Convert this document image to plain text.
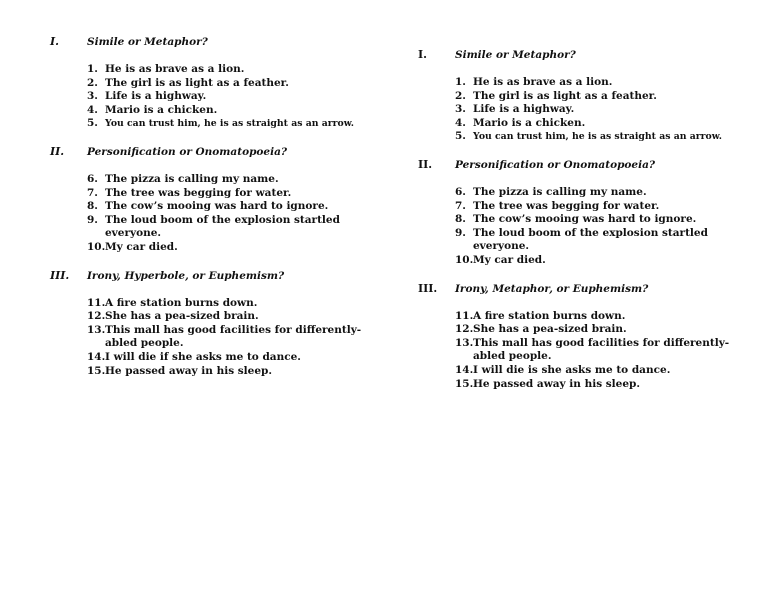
I.	Simile or Metaphor?
1. He is as brave as a lion.
2. The girl is as light as a feather.
3. Life is a highway.
4. Mario is a chicken.
5. You can trust him, he is as straight as an arrow.
II. Personification or Onomatopoeia?
6. The pizza is calling my name.
7. The tree was begging for water.
8. The cow’s mooing was hard to ignore.
9. The loud boom of the explosion startled everyone.
10. My car died.
III. Irony, Hyperbole, or Euphemism?
11. A fire station burns down.
12. She has a pea-sized brain.
13. This mall has good facilities for differently-abled people.
14. I will die if she asks me to dance.
15. He passed away in his sleep.
I.	Simile or Metaphor?
1. He is as brave as a lion.
2. The girl is as light as a feather.
3. Life is a highway.
4. Mario is a chicken.
5. You can trust him, he is as straight as an arrow.
II. Personification or Onomatopoeia?
6. The pizza is calling my name.
7. The tree was begging for water.
8. The cow’s mooing was hard to ignore.
9. The loud boom of the explosion startled everyone.
10. My car died.
III. Irony, Metaphor, or Euphemism?
11. A fire station burns down.
12. She has a pea-sized brain.
13. This mall has good facilities for differently-abled people.
14. I will die is she asks me to dance.
15. He passed away in his sleep.
